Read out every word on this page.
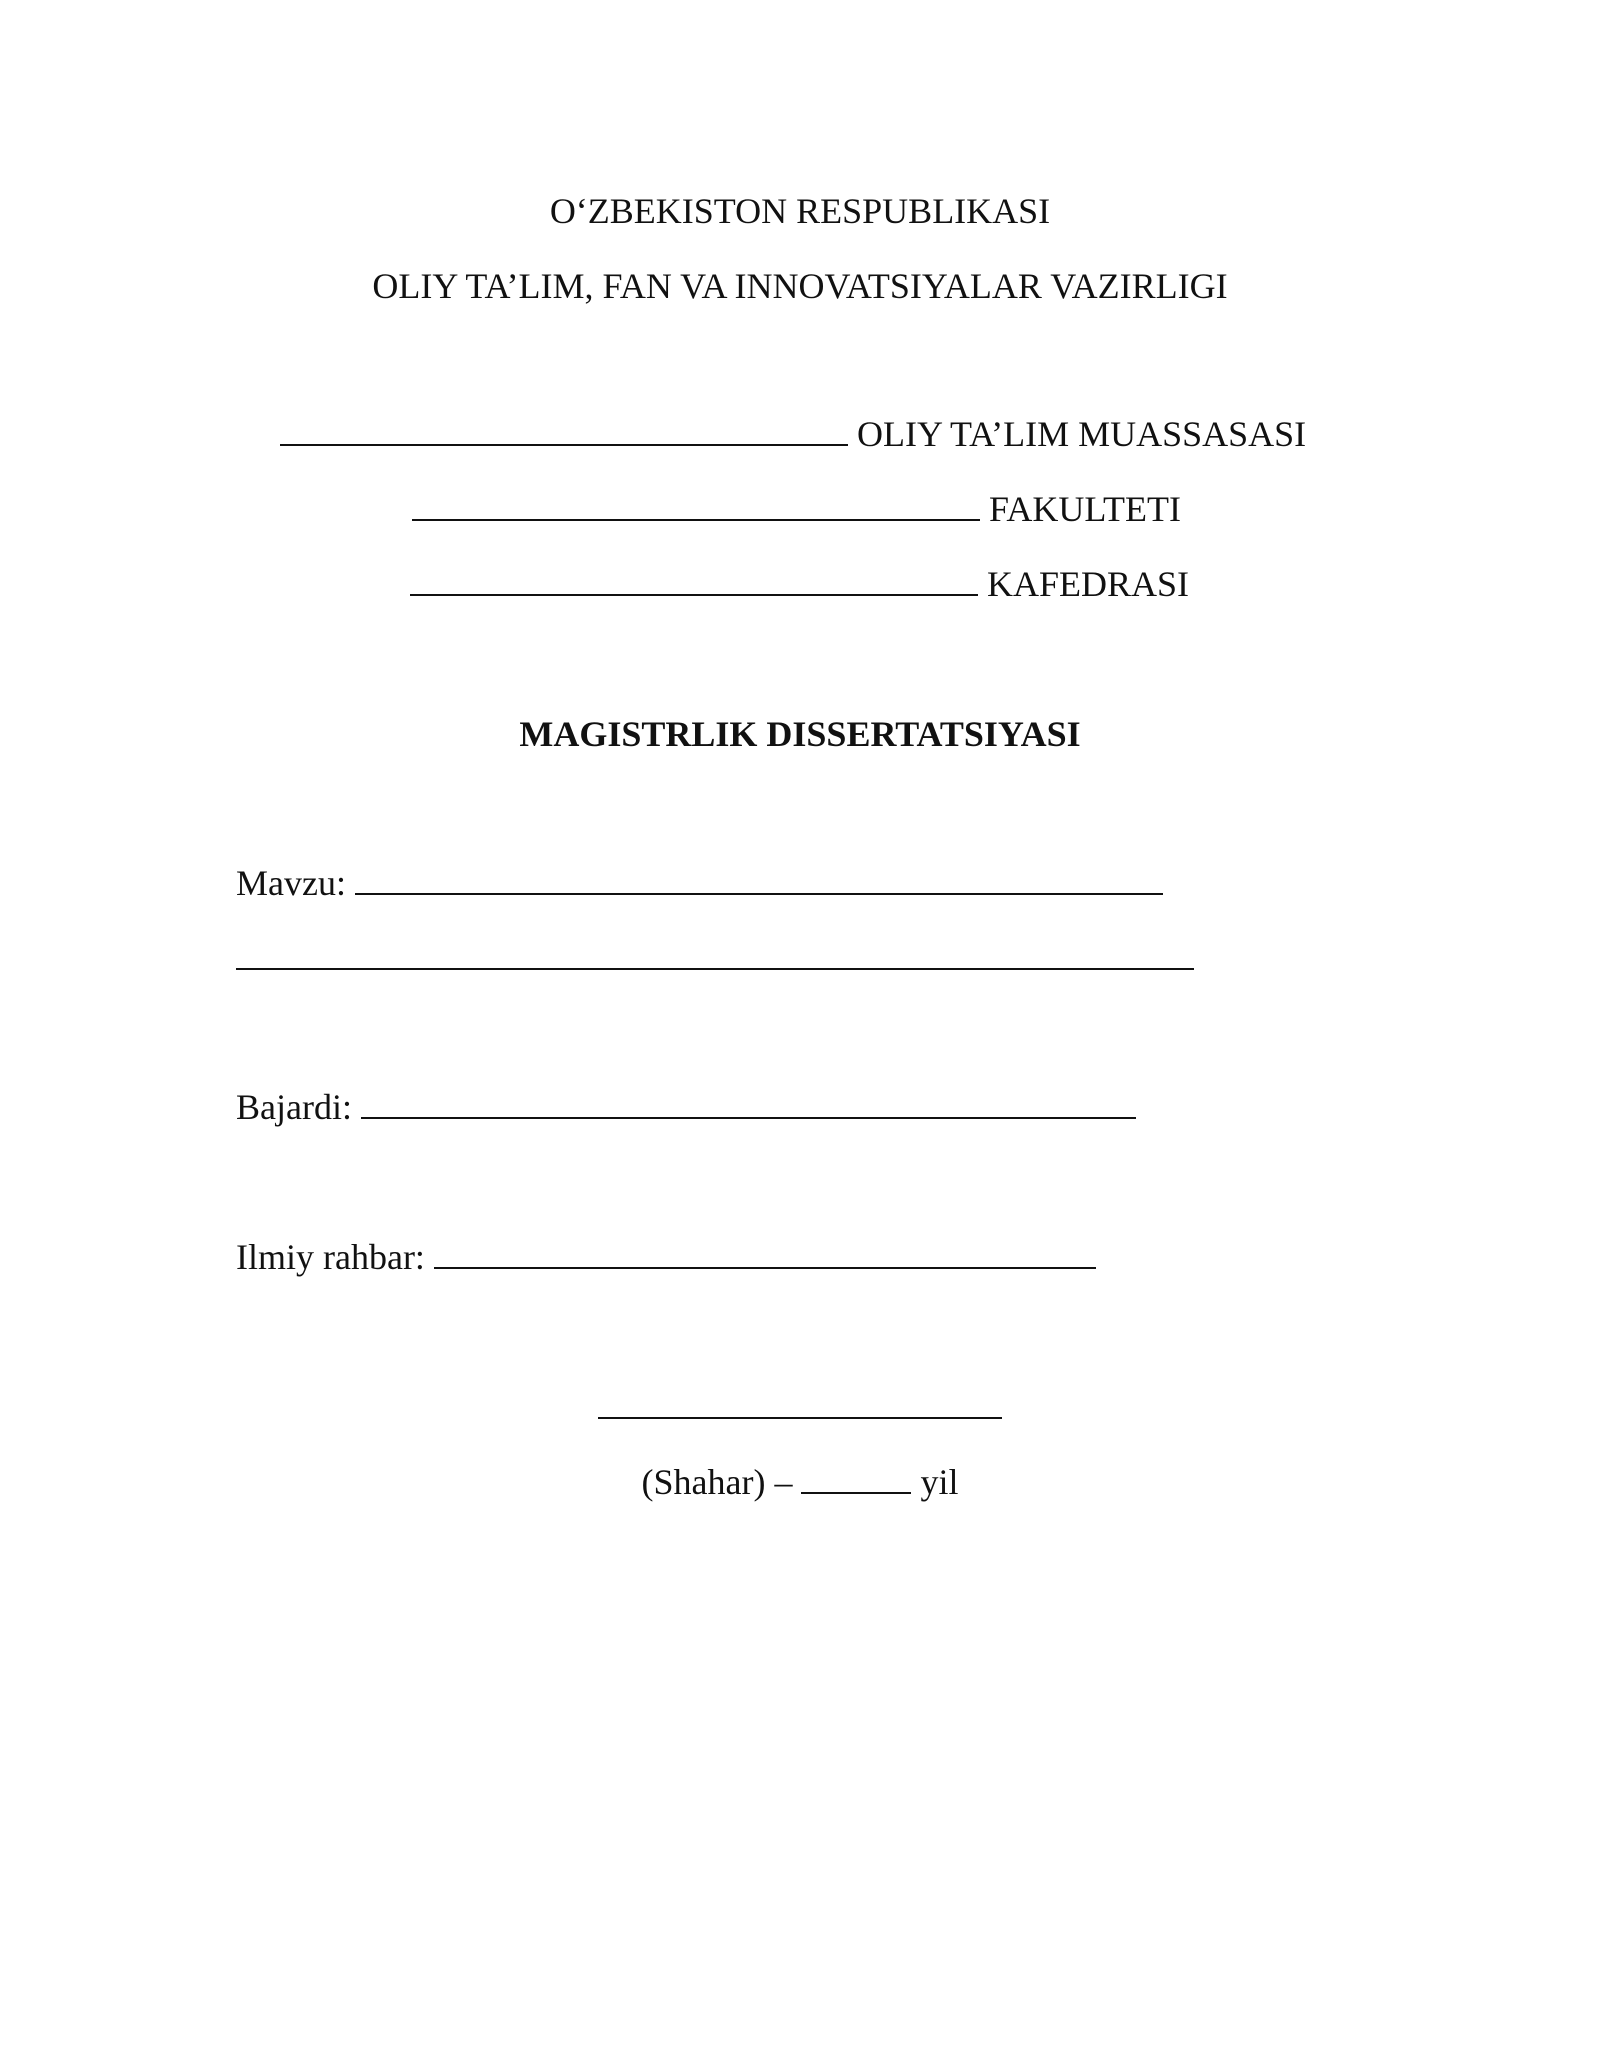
O‘ZBEKISTON RESPUBLIKASI
OLIY TA’LIM, FAN VA INNOVATSIYALAR VAZIRLIGI
OLIY TA’LIM MUASSASASI
FAKULTETI
KAFEDRASI
MAGISTRLIK DISSERTATSIYASI
Mavzu:
Bajardi:
Ilmiy rahbar:
(Shahar) –	yil
